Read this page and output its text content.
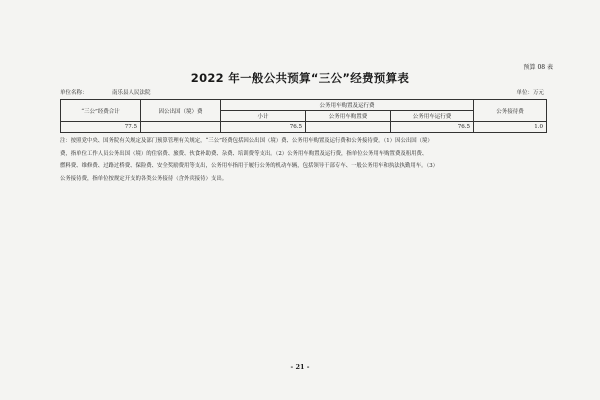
预算 08 表
2022 年一般公共预算“三公”经费预算表
单位名称：	南乐县人民法院	单位：万元
“三公”经费合计	因公出国（境）费	公务用车购置及运行费			公务接待费
		小计	公务用车购置费	公务用车运行费	
77.5		76.5		76.5	1.0
注：按照党中央、国务院有关规定及部门预算管理有关规定，“三公”经费包括因公出国（境）费、公务用车购置及运行费和公务接待费。（1）因公出国（境）
费，指单位工作人员公务出国（境）的住宿费、旅费、伙食补助费、杂费、培训费等支出。（2）公务用车购置及运行费，指单位公务用车购置费及租用费、
燃料费、维修费、过路过桥费、保险费、安全奖励费用等支出，公务用车指用于履行公务的机动车辆，包括领导干部专车、一般公务用车和执法执勤用车。（3）
公务接待费，指单位按规定开支的各类公务接待（含外宾接待）支出。
- 21 -
